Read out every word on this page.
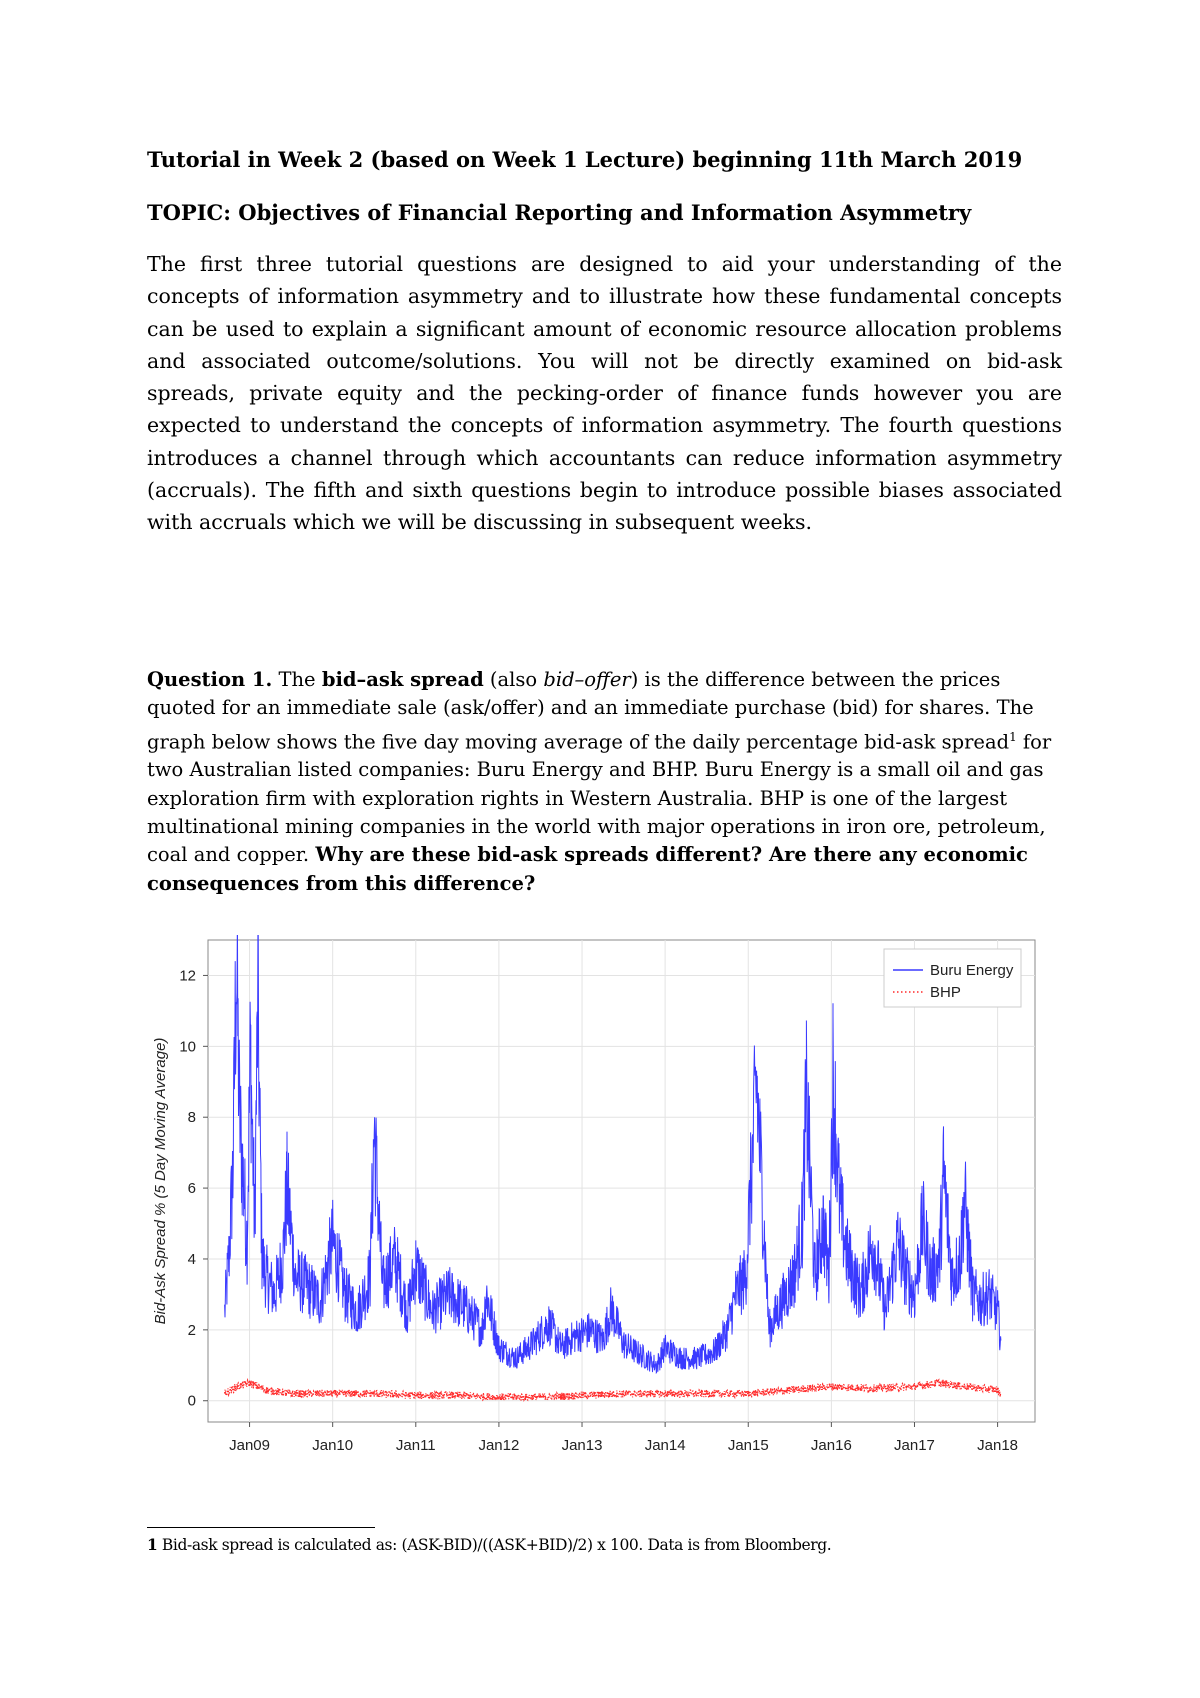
Tutorial in Week 2 (based on Week 1 Lecture) beginning 11th March 2019
TOPIC: Objectives of Financial Reporting and Information Asymmetry
The first three tutorial questions are designed to aid your understanding of the concepts of information asymmetry and to illustrate how these fundamental concepts can be used to explain a significant amount of economic resource allocation problems and associated outcome/solutions. You will not be directly examined on bid-ask spreads, private equity and the pecking-order of finance funds however you are expected to understand the concepts of information asymmetry. The fourth questions introduces a channel through which accountants can reduce information asymmetry (accruals). The fifth and sixth questions begin to introduce possible biases associated with accruals which we will be discussing in subsequent weeks.
Question 1. The bid–ask spread (also bid–offer) is the difference between the prices quoted for an immediate sale (ask/offer) and an immediate purchase (bid) for shares. The graph below shows the five day moving average of the daily percentage bid-ask spread$^1$ for two Australian listed companies: Buru Energy and BHP. Buru Energy is a small oil and gas exploration firm with exploration rights in Western Australia. BHP is one of the largest multinational mining companies in the world with major operations in iron ore, petroleum, coal and copper. Why are these bid-ask spreads different? Are there any economic consequences from this difference?
0
2
4
6
8
10
12
Jan09	Jan10	Jan11	Jan12	Jan13	Jan14	Jan15	Jan16	Jan17	Jan18
Bid-Ask Spread % (5 Day Moving Average)
Buru Energy
BHP
1 Bid-ask spread is calculated as: (ASK-BID)/((ASK+BID)/2) x 100. Data is from Bloomberg.
